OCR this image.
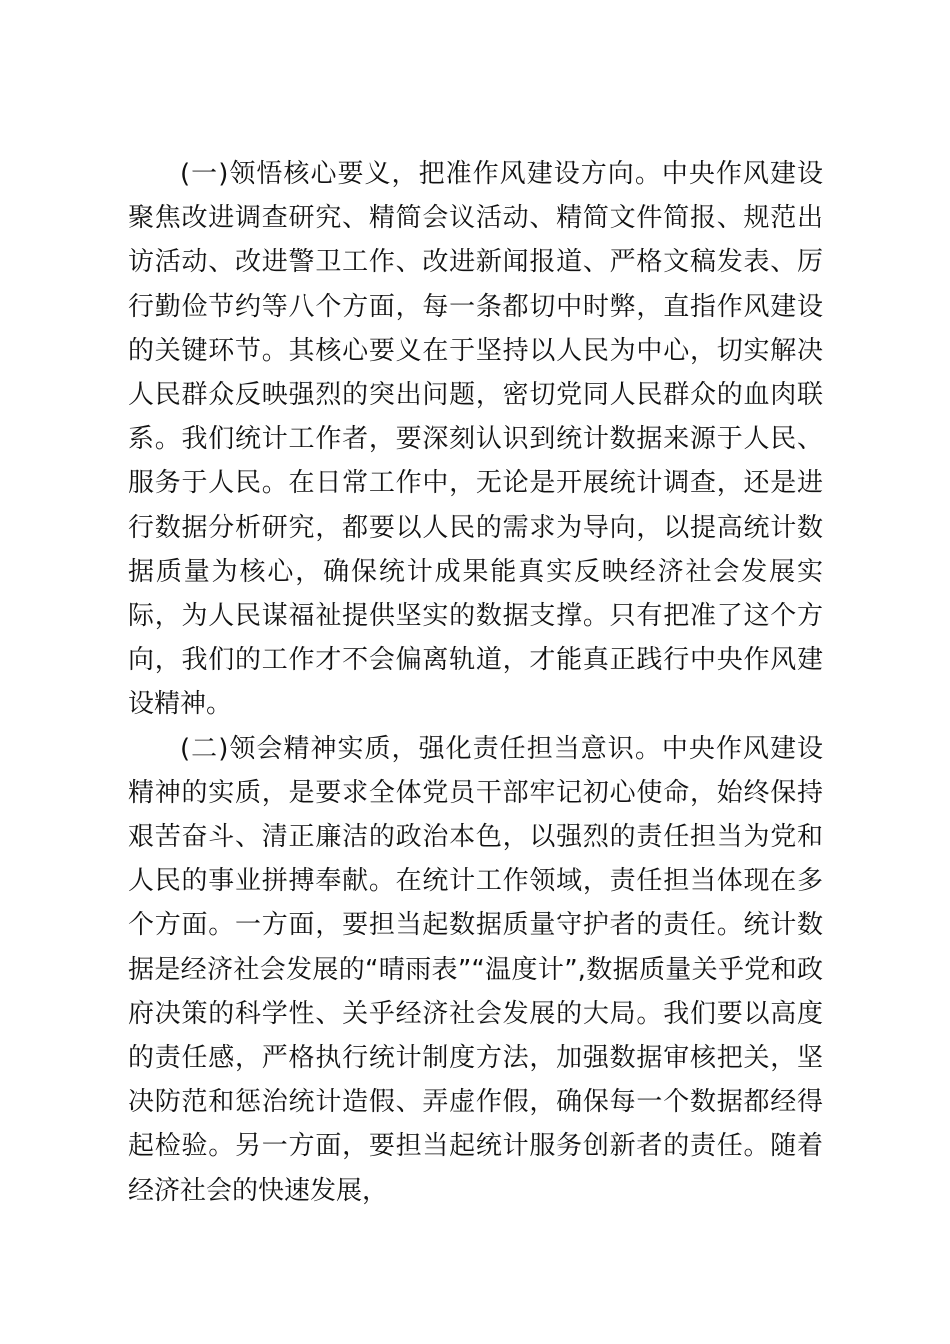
(一)领悟核心要义，把准作风建设方向。中央作风建设聚焦改进调查研究、精简会议活动、精简文件简报、规范出访活动、改进警卫工作、改进新闻报道、严格文稿发表、厉行勤俭节约等八个方面，每一条都切中时弊，直指作风建设的关键环节。其核心要义在于坚持以人民为中心，切实解决人民群众反映强烈的突出问题，密切党同人民群众的血肉联系。我们统计工作者，要深刻认识到统计数据来源于人民、服务于人民。在日常工作中，无论是开展统计调查，还是进行数据分析研究，都要以人民的需求为导向，以提高统计数据质量为核心，确保统计成果能真实反映经济社会发展实际，为人民谋福祉提供坚实的数据支撑。只有把准了这个方向，我们的工作才不会偏离轨道，才能真正践行中央作风建设精神。

(二)领会精神实质，强化责任担当意识。中央作风建设精神的实质，是要求全体党员干部牢记初心使命，始终保持艰苦奋斗、清正廉洁的政治本色，以强烈的责任担当为党和人民的事业拼搏奉献。在统计工作领域，责任担当体现在多个方面。一方面，要担当起数据质量守护者的责任。统计数据是经济社会发展的“晴雨表”“温度计”,数据质量关乎党和政府决策的科学性、关乎经济社会发展的大局。我们要以高度的责任感，严格执行统计制度方法，加强数据审核把关，坚决防范和惩治统计造假、弄虚作假，确保每一个数据都经得起检验。另一方面，要担当起统计服务创新者的责任。随着经济社会的快速发展，
